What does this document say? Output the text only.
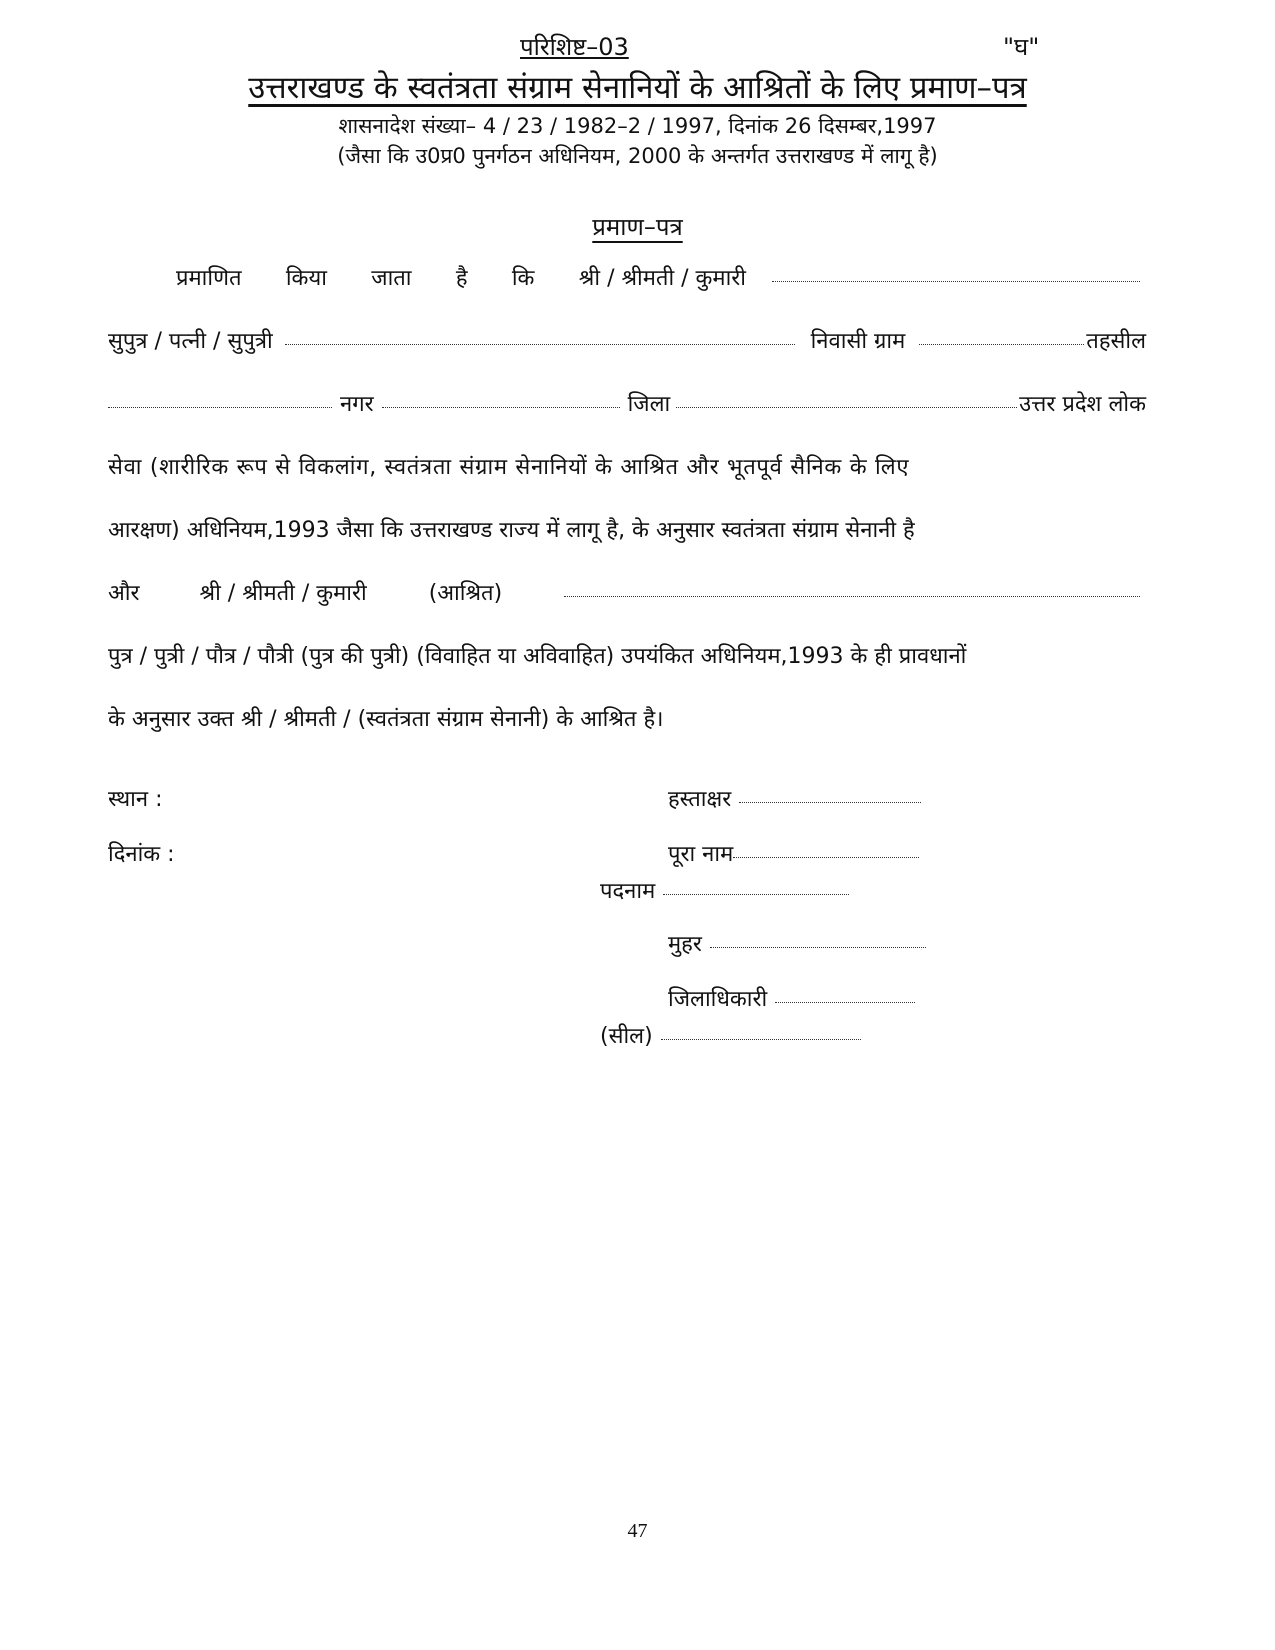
परिशिष्ट–03	"घ"
उत्तराखण्ड के स्वतंत्रता संग्राम सेनानियों के आश्रितों के लिए प्रमाण–पत्र
शासनादेश संख्या– 4 / 23 / 1982–2 / 1997, दिनांक 26 दिसम्बर,1997
(जैसा कि उ0प्र0 पुनर्गठन अधिनियम, 2000 के अन्तर्गत उत्तराखण्ड में लागू है)
प्रमाण–पत्र
प्रमाणित किया जाता है कि श्री / श्रीमती / कुमारी
सुपुत्र / पत्नी / सुपुत्री	निवासी ग्राम	तहसील
नगर	जिला	उत्तर प्रदेश लोक
सेवा (शारीरिक रूप से विकलांग, स्वतंत्रता संग्राम सेनानियों के आश्रित और भूतपूर्व सैनिक के लिए
आरक्षण) अधिनियम,1993 जैसा कि उत्तराखण्ड राज्य में लागू है, के अनुसार स्वतंत्रता संग्राम सेनानी है
और	श्री / श्रीमती / कुमारी	(आश्रित)
पुत्र / पुत्री / पौत्र / पौत्री (पुत्र की पुत्री) (विवाहित या अविवाहित) उपयंकित अधिनियम,1993 के ही प्रावधानों
के अनुसार उक्त श्री / श्रीमती / (स्वतंत्रता संग्राम सेनानी) के आश्रित है।
स्थान :
दिनांक :
हस्ताक्षर
पूरा नाम
पदनाम
मुहर
जिलाधिकारी
(सील)
47
